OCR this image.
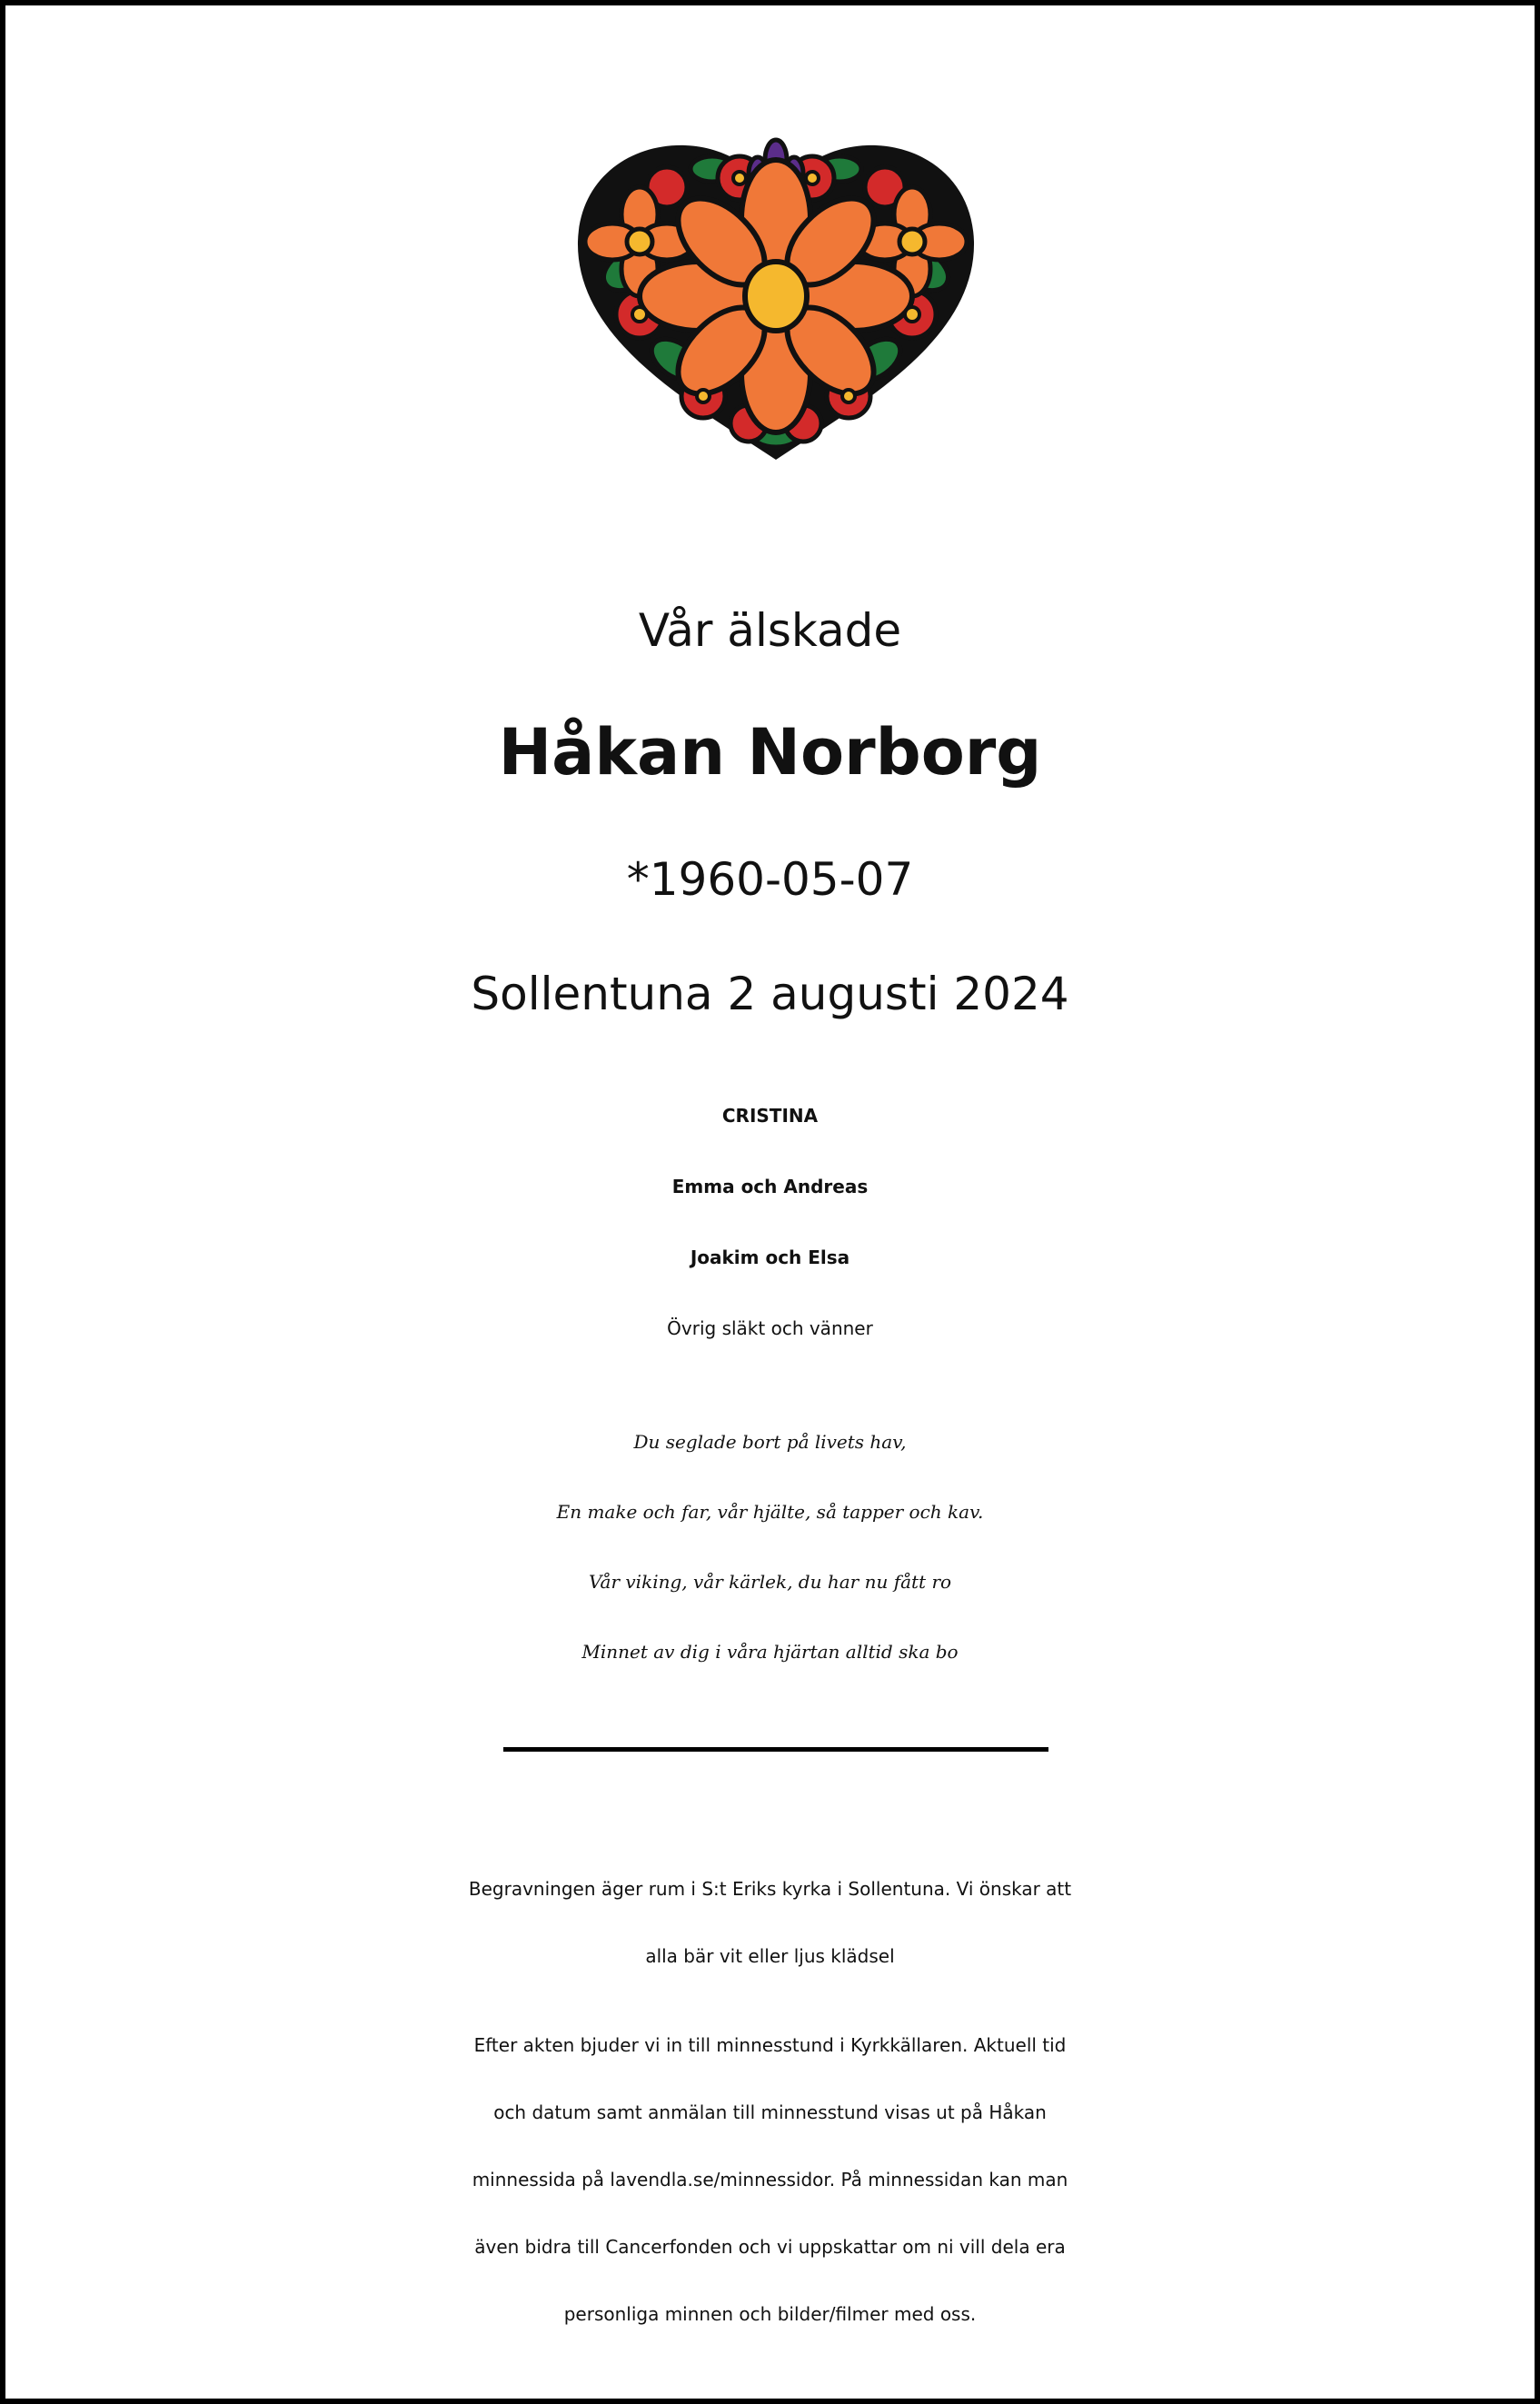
Vår älskade
Håkan Norborg
*1960-05-07
Sollentuna 2 augusti 2024
CRISTINA
Emma och Andreas
Joakim och Elsa
Övrig släkt och vänner
Du seglade bort på livets hav,
En make och far, vår hjälte, så tapper och kav.
Vår viking, vår kärlek, du har nu fått ro
Minnet av dig i våra hjärtan alltid ska bo
Begravningen äger rum i S:t Eriks kyrka i Sollentuna. Vi önskar att
alla bär vit eller ljus klädsel
Efter akten bjuder vi in till minnesstund i Kyrkkällaren. Aktuell tid
och datum samt anmälan till minnesstund visas ut på Håkan
minnessida på lavendla.se/minnessidor. På minnessidan kan man
även bidra till Cancerfonden och vi uppskattar om ni vill dela era
personliga minnen och bilder/filmer med oss.
